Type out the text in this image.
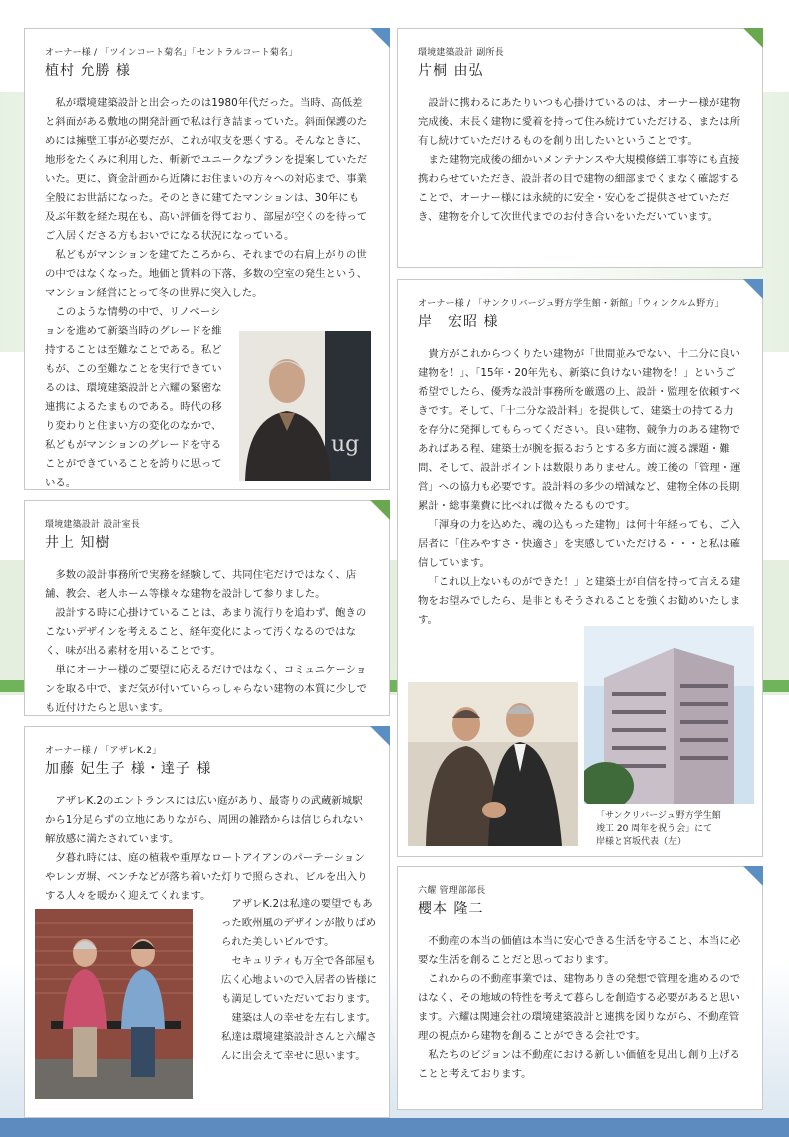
オーナー様 / 「ツインコート菊名」「セントラルコート菊名」
植村 允勝 様

私が環境建築設計と出会ったのは1980年代だった。当時、高低差と斜面がある敷地の開発計画で私は行き詰まっていた。斜面保護のためには擁壁工事が必要だが、これが収支を悪くする。そんなときに、地形をたくみに利用した、斬新でユニークなプランを提案していただいた。更に、資金計画から近隣にお住まいの方々への対応まで、事業全般にお世話になった。そのときに建てたマンションは、30年にも及ぶ年数を経た現在も、高い評価を得ており、部屋が空くのを待ってご入居くださる方もおいでになる状況になっている。

私どもがマンションを建てたころから、それまでの右肩上がりの世の中ではなくなった。地価と賃料の下落、多数の空室の発生という、マンション経営にとって冬の世界に突入した。

このような情勢の中で、リノベーションを進めて新築当時のグレードを維持することは至難なことである。私どもが、この至難なことを実行できているのは、環境建築設計と六耀の緊密な連携によるたまものである。時代の移り変わりと住まい方の変化のなかで、私どもがマンションのグレードを守ることができていることを誇りに思っている。

ug
環境建築設計 副所長
片桐 由弘

設計に携わるにあたりいつも心掛けているのは、オーナー様が建物完成後、末長く建物に愛着を持って住み続けていただける、または所有し続けていただけるものを創り出したいということです。

また建物完成後の細かいメンテナンスや大規模修繕工事等にも直接携わらせていただき、設計者の目で建物の細部までくまなく確認することで、オーナー様には永続的に安全・安心をご提供させていただき、建物を介して次世代までのお付き合いをいただいています。

オーナー様 / 「サンクリバージュ野方学生館・新館」「ウィンクルム野方」
岸　宏昭 様

貴方がこれからつくりたい建物が「世間並みでない、十二分に良い建物を！」、「15年・20年先も、新築に負けない建物を！」というご希望でしたら、優秀な設計事務所を厳選の上、設計・監理を依頼すべきです。そして、「十二分な設計料」を提供して、建築士の持てる力を存分に発揮してもらってください。良い建物、競争力のある建物であればある程、建築士が腕を振るおうとする多方面に渡る課題・難問、そして、設計ポイントは数限りありません。竣工後の「管理・運営」への協力も必要です。設計料の多少の増減など、建物全体の長期累計・総事業費に比べれば微々たるものです。

「渾身の力を込めた、魂の込もった建物」は何十年経っても、ご入居者に「住みやすさ・快適さ」を実感していただける・・・と私は確信しています。

「これ以上ないものができた！」と建築士が自信を持って言える建物をお望みでしたら、是非ともそうされることを強くお勧めいたします。

「サンクリバージュ野方学生館
竣工 20 周年を祝う会」にて
岸様と宮坂代表（左）
環境建築設計 設計室長
井上 知樹

多数の設計事務所で実務を経験して、共同住宅だけではなく、店舗、教会、老人ホーム等様々な建物を設計して参りました。

設計する時に心掛けていることは、あまり流行りを追わず、飽きのこないデザインを考えること、経年変化によって汚くなるのではなく、味が出る素材を用いることです。

単にオーナー様のご要望に応えるだけではなく、コミュニケーションを取る中で、まだ気が付いていらっしゃらない建物の本質に少しでも近付けたらと思います。

オーナー様 / 「アザレK.2」
加藤 妃生子 様・達子 様

アザレK.2のエントランスには広い庭があり、最寄りの武蔵新城駅から1分足らずの立地にありながら、周囲の雑踏からは信じられない解放感に満たされています。

夕暮れ時には、庭の植栽や重厚なロートアイアンのパーテーションやレンガ塀、ベンチなどが落ち着いた灯りで照らされ、ビルを出入りする人々を暖かく迎えてくれます。

アザレK.2は私達の要望でもあった欧州風のデザインが散りばめられた美しいビルです。

セキュリティも万全で各部屋も広く心地よいので入居者の皆様にも満足していただいております。

建築は人の幸せを左右します。私達は環境建築設計さんと六耀さんに出会えて幸せに思います。

六耀 管理部部長
櫻本 隆二

不動産の本当の価値は本当に安心できる生活を守ること、本当に必要な生活を創ることだと思っております。

これからの不動産事業では、建物ありきの発想で管理を進めるのではなく、その地域の特性を考えて暮らしを創造する必要があると思います。六耀は関連会社の環境建築設計と連携を図りながら、不動産管理の視点から建物を創ることができる会社です。

私たちのビジョンは不動産における新しい価値を見出し創り上げることと考えております。
